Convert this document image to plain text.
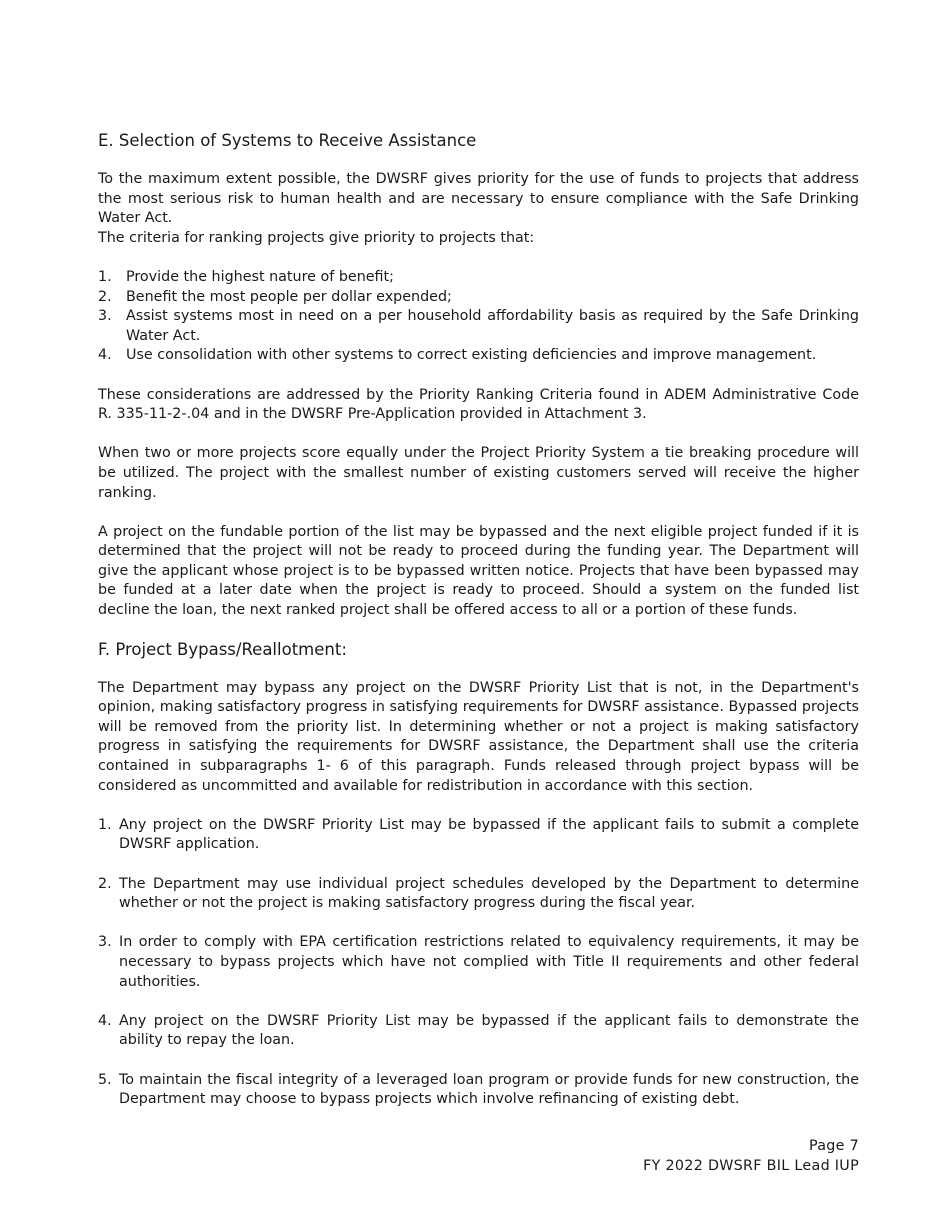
E. Selection of Systems to Receive Assistance

To the maximum extent possible, the DWSRF gives priority for the use of funds to projects that address the most serious risk to human health and are necessary to ensure compliance with the Safe Drinking Water Act.

The criteria for ranking projects give priority to projects that:

1. Provide the highest nature of benefit;
2. Benefit the most people per dollar expended;
3. Assist systems most in need on a per household affordability basis as required by the Safe Drinking Water Act.
4. Use consolidation with other systems to correct existing deficiencies and improve management.

These considerations are addressed by the Priority Ranking Criteria found in ADEM Administrative Code R. 335-11-2-.04 and in the DWSRF Pre-Application provided in Attachment 3.

When two or more projects score equally under the Project Priority System a tie breaking procedure will be utilized. The project with the smallest number of existing customers served will receive the higher ranking.

A project on the fundable portion of the list may be bypassed and the next eligible project funded if it is determined that the project will not be ready to proceed during the funding year. The Department will give the applicant whose project is to be bypassed written notice. Projects that have been bypassed may be funded at a later date when the project is ready to proceed. Should a system on the funded list decline the loan, the next ranked project shall be offered access to all or a portion of these funds.

F. Project Bypass/Reallotment:

The Department may bypass any project on the DWSRF Priority List that is not, in the Department's opinion, making satisfactory progress in satisfying requirements for DWSRF assistance. Bypassed projects will be removed from the priority list. In determining whether or not a project is making satisfactory progress in satisfying the requirements for DWSRF assistance, the Department shall use the criteria contained in subparagraphs 1- 6 of this paragraph. Funds released through project bypass will be considered as uncommitted and available for redistribution in accordance with this section.

1. Any project on the DWSRF Priority List may be bypassed if the applicant fails to submit a complete DWSRF application.
2. The Department may use individual project schedules developed by the Department to determine whether or not the project is making satisfactory progress during the fiscal year.
3. In order to comply with EPA certification restrictions related to equivalency requirements, it may be necessary to bypass projects which have not complied with Title II requirements and other federal authorities.
4. Any project on the DWSRF Priority List may be bypassed if the applicant fails to demonstrate the ability to repay the loan.
5. To maintain the fiscal integrity of a leveraged loan program or provide funds for new construction, the Department may choose to bypass projects which involve refinancing of existing debt.
Page 7
FY 2022 DWSRF BIL Lead IUP
